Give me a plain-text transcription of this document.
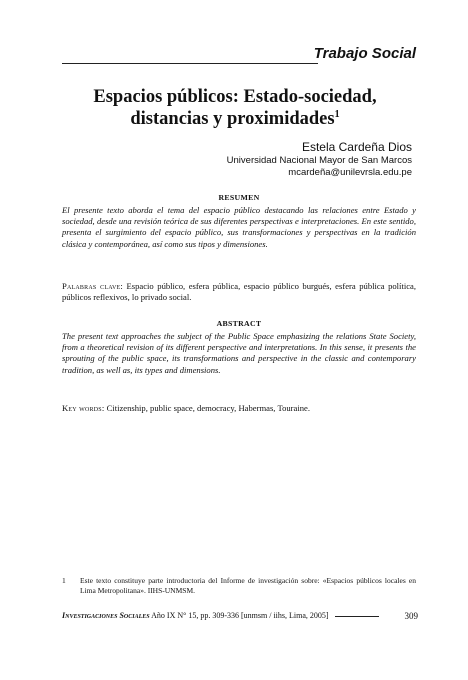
Trabajo Social
Espacios públicos: Estado-sociedad,
distancias y proximidades$^1$
Estela Cardeña Dios
Universidad Nacional Mayor de San Marcos
mcardeña@unilevrsla.edu.pe
RESUMEN
El presente texto aborda el tema del espacio público destacando las relaciones entre Estado y sociedad, desde una revisión teórica de sus diferentes perspectivas e interpretaciones. En este sentido, presenta el surgimiento del espacio público, sus transformaciones y perspectivas en la tradición clásica y contemporánea, así como sus tipos y dimensiones.
Palabras clave: Espacio público, esfera pública, espacio público burgués, esfera pública política, públicos reflexivos, lo privado social.
ABSTRACT
The present text approaches the subject of the Public Space emphasizing the relations State Society, from a theoretical revision of its different perspective and interpretations. In this sense, it presents the sprouting of the public space, its transformations and perspective in the classic and contemporary tradition, as well as, its types and dimensions.
Key words: Citizenship, public space, democracy, Habermas, Touraine.
1 Este texto constituye parte introductoria del Informe de investigación sobre: «Espacios públicos locales en Lima Metropolitana». IIHS-UNMSM.
Investigaciones Sociales Año IX N° 15, pp. 309-336 [unmsm / iihs, Lima, 2005]	309
